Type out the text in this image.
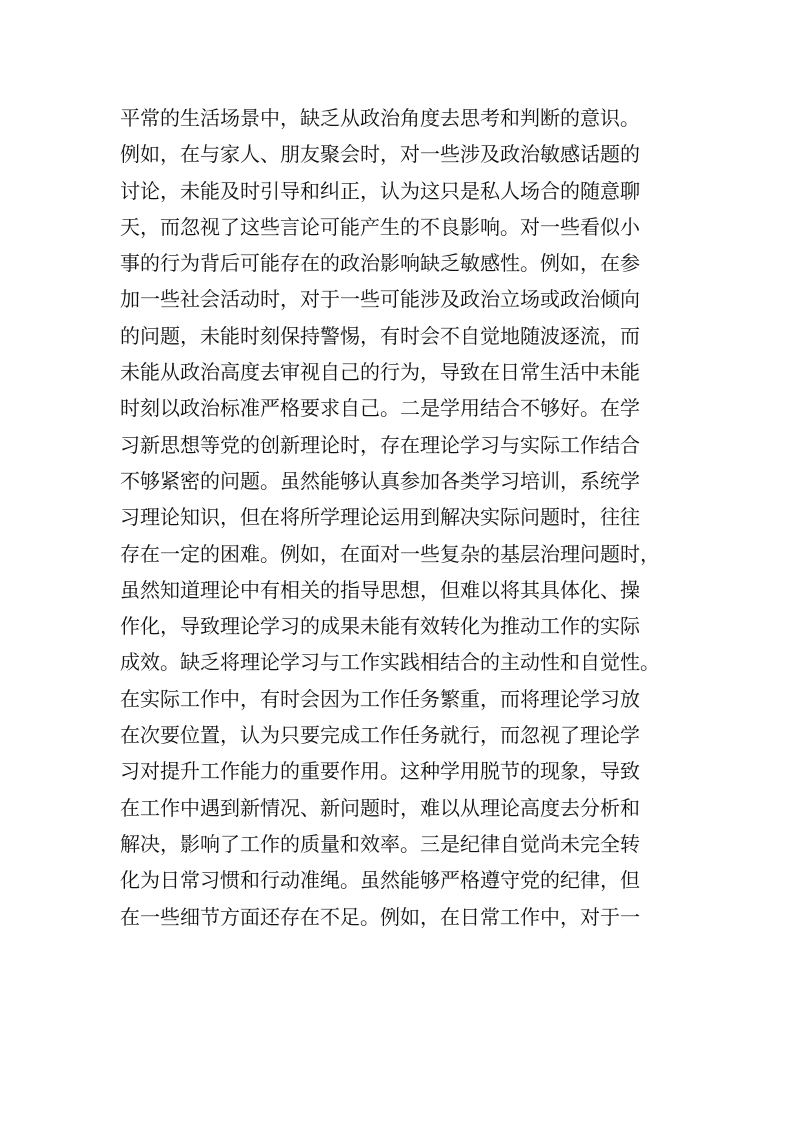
平常的生活场景中，缺乏从政治角度去思考和判断的意识。
例如，在与家人、朋友聚会时，对一些涉及政治敏感话题的
讨论，未能及时引导和纠正，认为这只是私人场合的随意聊
天，而忽视了这些言论可能产生的不良影响。对一些看似小
事的行为背后可能存在的政治影响缺乏敏感性。例如，在参
加一些社会活动时，对于一些可能涉及政治立场或政治倾向
的问题，未能时刻保持警惕，有时会不自觉地随波逐流，而
未能从政治高度去审视自己的行为，导致在日常生活中未能
时刻以政治标准严格要求自己。二是学用结合不够好。在学
习新思想等党的创新理论时，存在理论学习与实际工作结合
不够紧密的问题。虽然能够认真参加各类学习培训，系统学
习理论知识，但在将所学理论运用到解决实际问题时，往往
存在一定的困难。例如，在面对一些复杂的基层治理问题时，
虽然知道理论中有相关的指导思想，但难以将其具体化、操
作化，导致理论学习的成果未能有效转化为推动工作的实际
成效。缺乏将理论学习与工作实践相结合的主动性和自觉性。
在实际工作中，有时会因为工作任务繁重，而将理论学习放
在次要位置，认为只要完成工作任务就行，而忽视了理论学
习对提升工作能力的重要作用。这种学用脱节的现象，导致
在工作中遇到新情况、新问题时，难以从理论高度去分析和
解决，影响了工作的质量和效率。三是纪律自觉尚未完全转
化为日常习惯和行动准绳。虽然能够严格遵守党的纪律，但
在一些细节方面还存在不足。例如，在日常工作中，对于一
